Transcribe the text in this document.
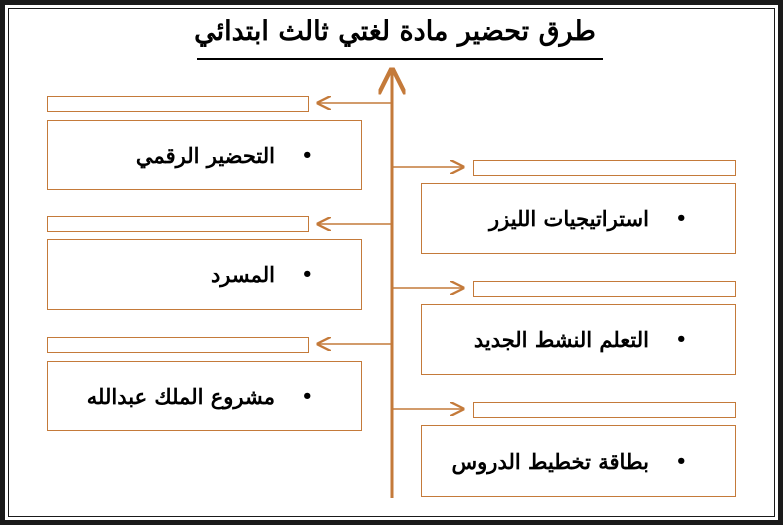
طرق تحضير مادة لغتي ثالث ابتدائي
•
التحضير الرقمي
•
المسرد
•
مشروع الملك عبدالله
•
استراتيجيات الليزر
•
التعلم النشط الجديد
•
بطاقة تخطيط الدروس
